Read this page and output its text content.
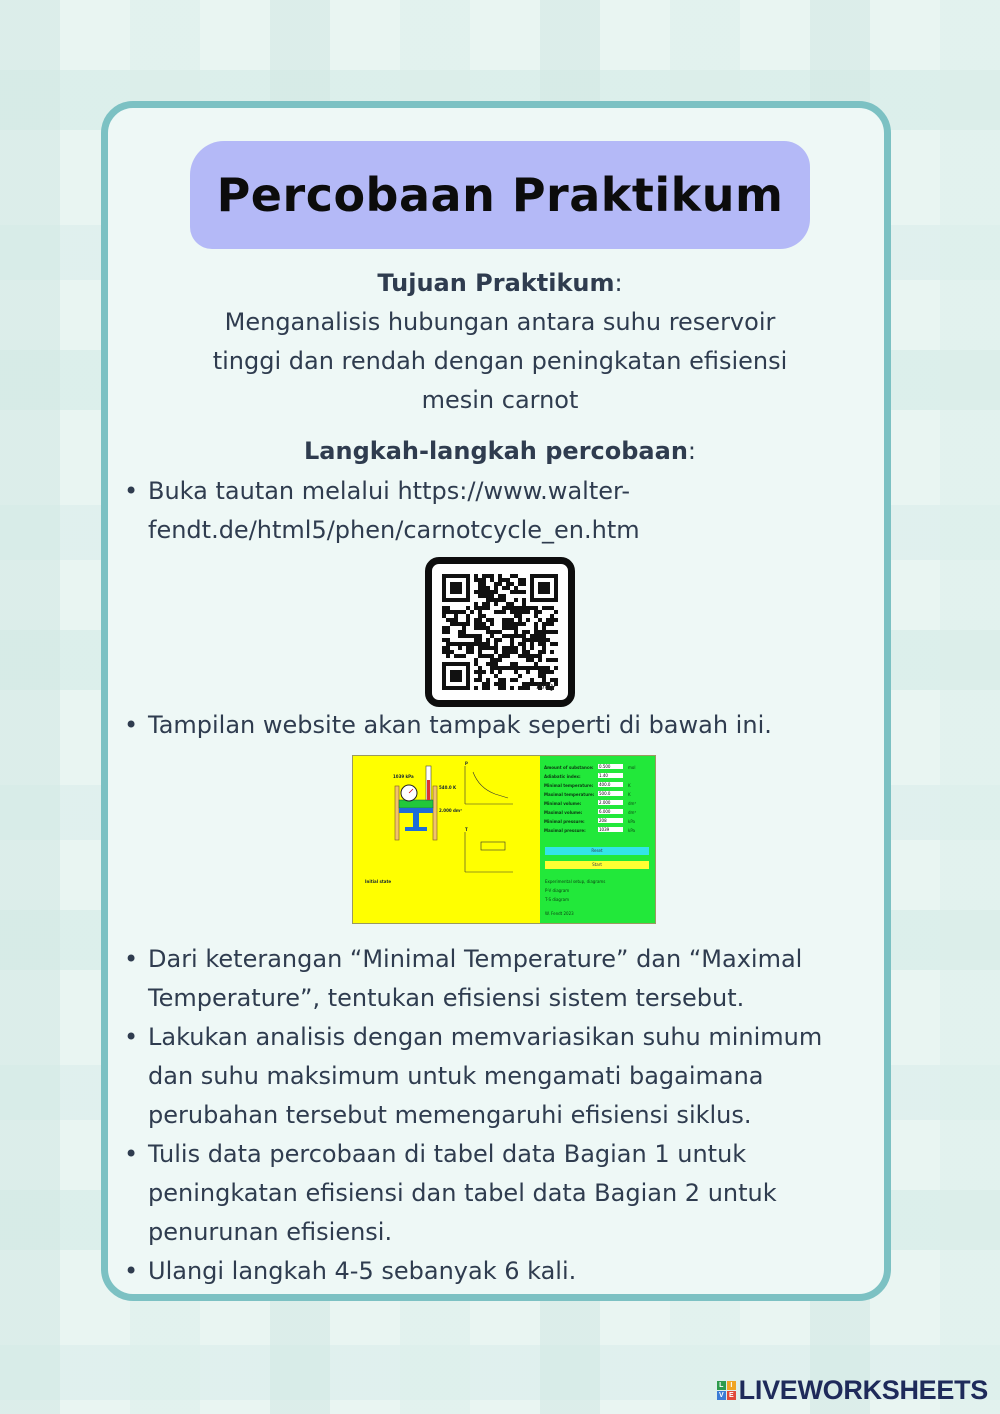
Percobaan Praktikum
Tujuan Praktikum:
Menganalisis hubungan antara suhu reservoir
tinggi dan rendah dengan peningkatan efisiensi
mesin carnot
Langkah-langkah percobaan:
• Buka tautan melalui https://www.walter-
fendt.de/html5/phen/carnotcycle_en.htm
bitly
• Tampilan website akan tampak seperti di bawah ini.
1039 kPa
540.0 K
2.000 dm³
Initial state
p
T
Amount of substance: 0.500	mol
Adiabatic index:	1.40
Minimal temperature: 400.0	K
Maximal temperature: 500.0	K
Minimal volume:	2.000	dm³
Maximal volume:	6.000	dm³
Minimal pressure:	208	kPa
Maximal pressure:	1039	kPa
Reset
Start
Experimental setup, diagrams
P-V diagram
T-S diagram
W. Fendt 2023
• Dari keterangan “Minimal Temperature” dan “Maximal
Temperature”, tentukan efisiensi sistem tersebut.
• Lakukan analisis dengan memvariasikan suhu minimum
dan suhu maksimum untuk mengamati bagaimana
perubahan tersebut memengaruhi efisiensi siklus.
• Tulis data percobaan di tabel data Bagian 1 untuk
peningkatan efisiensi dan tabel data Bagian 2 untuk
penurunan efisiensi.
• Ulangi langkah 4-5 sebanyak 6 kali.
L	I
V E LIVEWORKSHEETS
